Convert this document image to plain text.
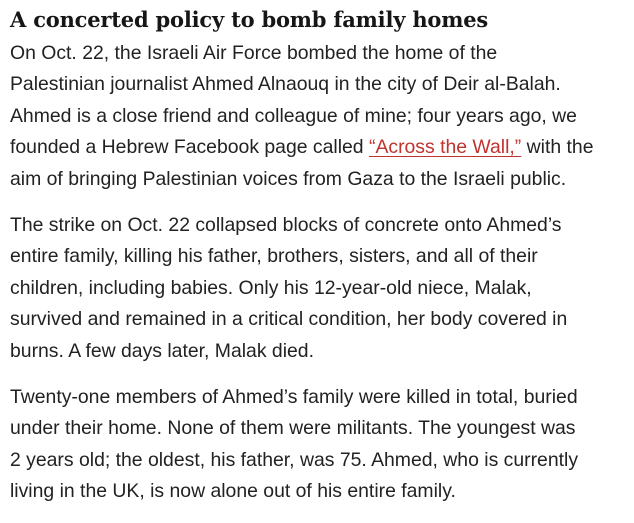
A concerted policy to bomb family homes

On Oct. 22, the Israeli Air Force bombed the home of the
Palestinian journalist Ahmed Alnaouq in the city of Deir al-Balah.
Ahmed is a close friend and colleague of mine; four years ago, we
founded a Hebrew Facebook page called “Across the Wall,” with the
aim of bringing Palestinian voices from Gaza to the Israeli public.

The strike on Oct. 22 collapsed blocks of concrete onto Ahmed’s
entire family, killing his father, brothers, sisters, and all of their
children, including babies. Only his 12-year-old niece, Malak,
survived and remained in a critical condition, her body covered in
burns. A few days later, Malak died.

Twenty-one members of Ahmed’s family were killed in total, buried
under their home. None of them were militants. The youngest was
2 years old; the oldest, his father, was 75. Ahmed, who is currently
living in the UK, is now alone out of his entire family.
